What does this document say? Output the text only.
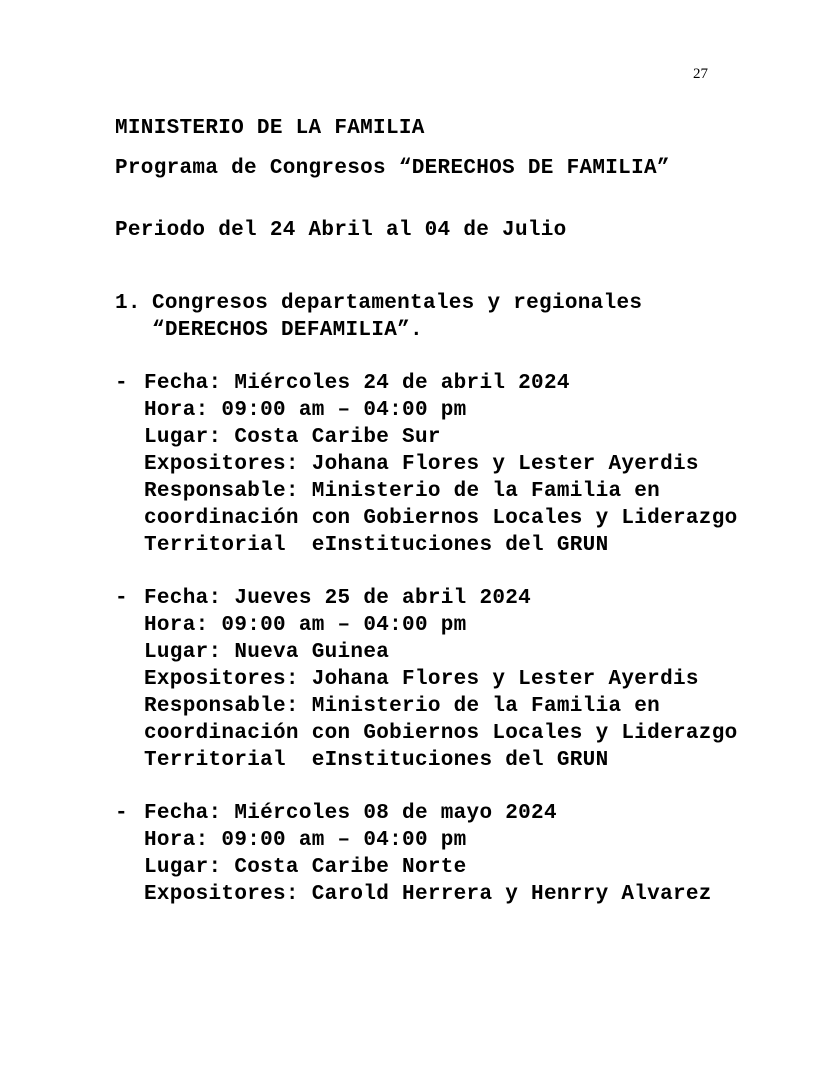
27
MINISTERIO DE LA FAMILIA
Programa de Congresos “DERECHOS DE FAMILIA”
Periodo del 24 Abril al 04 de Julio
1. Congresos departamentales y regionales
“DERECHOS DEFAMILIA”.
- Fecha: Miércoles 24 de abril 2024
Hora: 09:00 am – 04:00 pm
Lugar: Costa Caribe Sur
Expositores: Johana Flores y Lester Ayerdis
Responsable: Ministerio de la Familia en
coordinación con Gobiernos Locales y Liderazgo
Territorial  eInstituciones del GRUN
- Fecha: Jueves 25 de abril 2024
Hora: 09:00 am – 04:00 pm
Lugar: Nueva Guinea
Expositores: Johana Flores y Lester Ayerdis
Responsable: Ministerio de la Familia en
coordinación con Gobiernos Locales y Liderazgo
Territorial  eInstituciones del GRUN
- Fecha: Miércoles 08 de mayo 2024
Hora: 09:00 am – 04:00 pm
Lugar: Costa Caribe Norte
Expositores: Carold Herrera y Henrry Alvarez
